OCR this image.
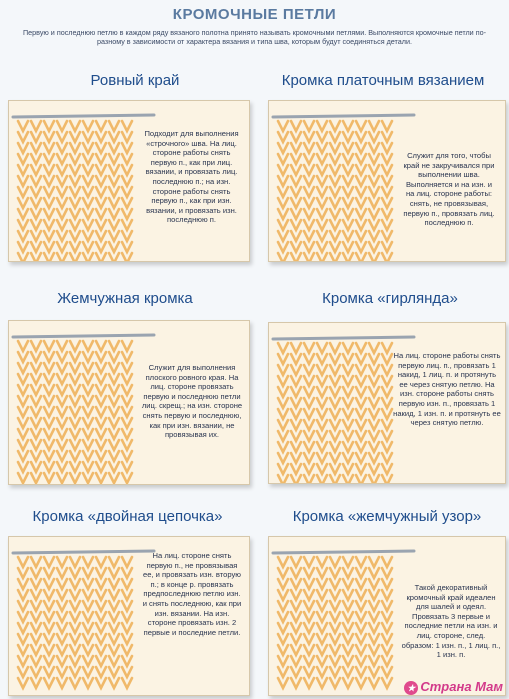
КРОМОЧНЫЕ ПЕТЛИ
Первую и последнюю петлю в каждом ряду вязаного полотна принято называть кромочными петлями. Выполняются кромочные петли по-разному в зависимости от характера вязания и типа шва, которым будут соединяться детали.
Ровный край	Кромка платочным вязанием
Подходит для выполнения «строчного» шва. На лиц. стороне работы снять первую п., как при лиц. вязании, и провязать лиц. последнюю п.; на изн. стороне работы снять первую п., как при изн. вязании, и провязать изн. последнюю п.
Служит для того, чтобы край не закручивался при выполнении шва. Выполняется и на изн. и на лиц. стороне работы: снять, не провязывая, первую п., провязать лиц. последнюю п.
Жемчужная кромка	Кромка «гирлянда»
Служит для выполнения плоского ровного края. На лиц. стороне провязать первую и последнюю петли лиц. скрещ.; на изн. стороне снять первую и последнюю, как при изн. вязании, не провязывая их.
На лиц. стороне работы снять первую лиц. п., провязать 1 накид, 1 лиц. п. и протянуть ее через снятую петлю. На изн. стороне работы снять первую изн. п., провязать 1 накид, 1 изн. п. и протянуть ее через снятую петлю.
Кромка «двойная цепочка»	Кромка «жемчужный узор»
На лиц. стороне снять первую п., не провязывая ее, и провязать изн. вторую п.; в конце р. провязать предпоследнюю петлю изн. и снять последнюю, как при изн. вязании. На изн. стороне провязать изн. 2 первые и последние петли.
Такой декоративный кромочный край идеален для шалей и одеял. Провязать 3 первые и последние петли на изн. и лиц. стороне, след. образом: 1 изн. п., 1 лиц. п., 1 изн. п.
★ Страна Мам
